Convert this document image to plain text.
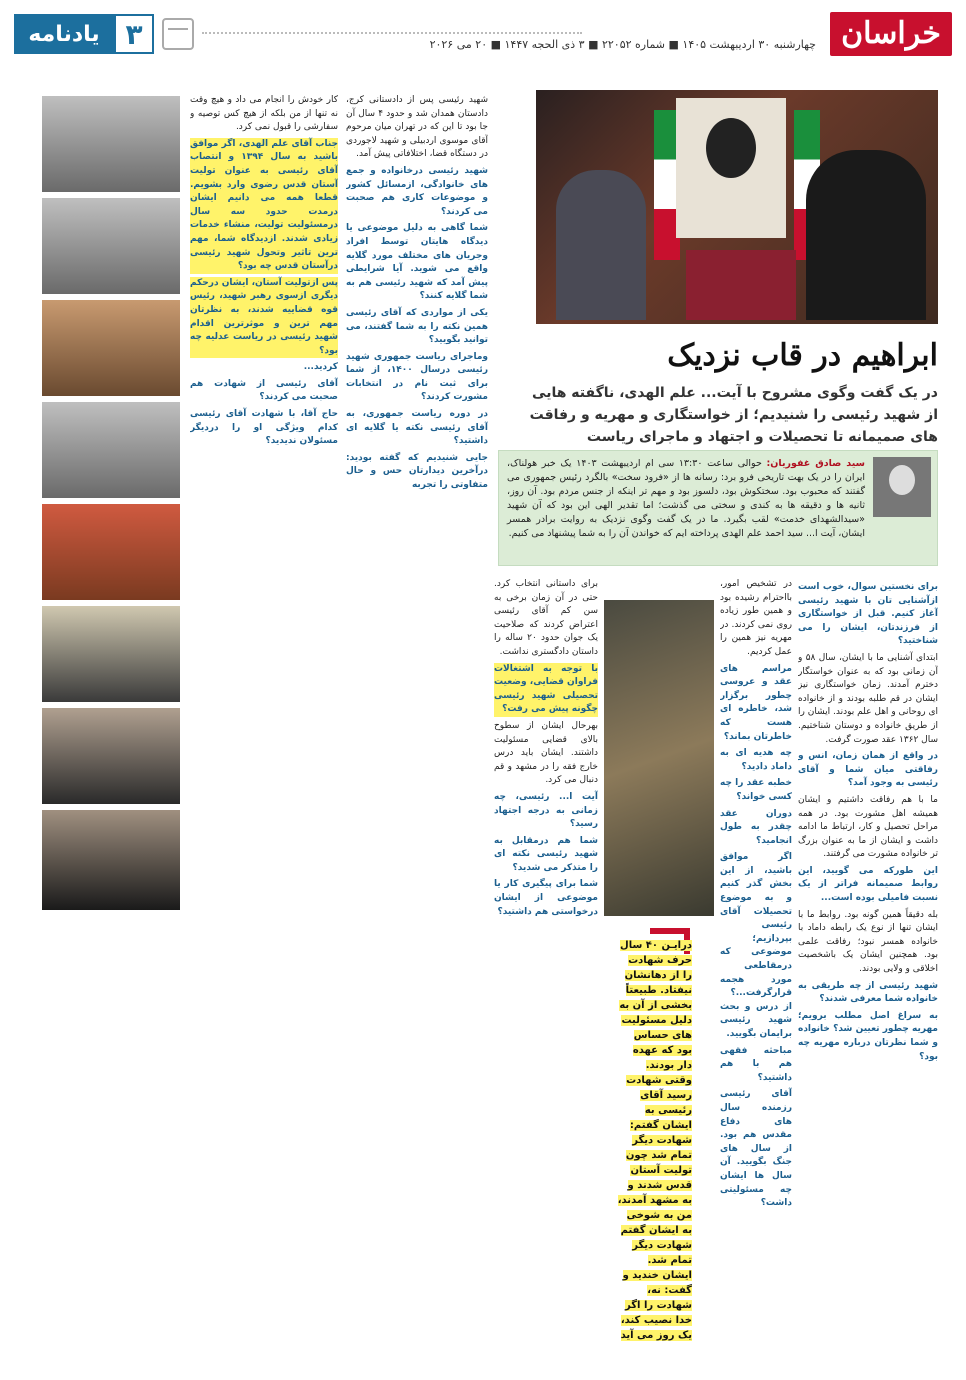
۳
یادنامه	چهارشنبه ۳۰ اردیبهشت ۱۴۰۵ ■ شماره ۲۲۰۵۲ ■ ۳ ذی الحجه ۱۴۴۷ ■ ۲۰ می ۲۰۲۶ خراسان
ابراهیم در قاب نزدیک
در یک گفت وگوی مشروح با آیت... علم الهدی، ناگفته هایی از شهید رئیسی را شنیدیم؛ از خواستگاری و مهریه و رفاقت های صمیمانه تا تحصیلات و اجتهاد و ماجرای ریاست
سید صادق غفوریان: حوالی ساعت ۱۳:۳۰ سی ام اردیبهشت ۱۴۰۳ یک خبر هولناک، ایران را در یک بهت تاریخی فرو برد: رسانه ها از «فرود سخت» بالگرد رئیس جمهوری می گفتند که محبوب بود. سختکوش بود، دلسوز بود و مهم تر اینکه از جنس مردم بود. آن روز، ثانیه ها و دقیقه ها به کندی و سختی می گذشت؛ اما تقدیر الهی این بود که آن شهید «سیدالشهدای خدمت» لقب بگیرد. ما در یک گفت وگوی نزدیک به روایت برادر همسر ایشان، آیت ا... سید احمد علم الهدی پرداخته ایم که خواندن آن را به شما پیشنهاد می کنیم.
برای نخستین سوال، خوب است ازآشنایی تان با شهید رئیسی آغاز کنیم. قبل از خواستگاری از فرزندتان، ایشان را می شناختید؟

ابتدای آشنایی ما با ایشان، سال ۵۸ و آن زمانی بود که به عنوان خواستگار دخترم آمدند. زمان خواستگاری نیز ایشان در قم طلبه بودند و از خانواده ای روحانی و اهل علم بودند. ایشان را از طریق خانواده و دوستان شناختیم. سال ۱۳۶۲ عقد صورت گرفت.

در واقع از همان زمان، انس و رفاقتی میان شما و آقای رئیسی به وجود آمد؟

ما با هم رفاقت داشتیم و ایشان همیشه اهل مشورت بود. در همه مراحل تحصیل و کار، ارتباط ما ادامه داشت و ایشان از ما به عنوان بزرگ تر خانواده مشورت می گرفتند.

این طورکه می گویید، این روابط صمیمانه فراتر از یک نسبت فامیلی بوده است...

بله دقیقاً همین گونه بود. روابط ما با ایشان تنها از نوع یک رابطه داماد با خانواده همسر نبود؛ رفاقت علمی بود. همچنین ایشان یک باشخصیت اخلاقی و ولایی بودند.

شهید رئیسی از چه طریقی به خانواده شما معرفی شدند؟
به سراغ اصل مطلب برویم؛ مهریه چطور تعیین شد؟ خانواده و شما نظرتان درباره مهریه چه بود؟

در تشخیص امور، بااحترام رشیده بود و همین طور زیاده روی نمی کردند. در مهریه نیز همین را عمل کردیم.

مراسم های عقد و عروسی چطور برگزار شد، خاطره ای هست که خاطرتان بماند؟
چه هدیه ای به داماد دادید؟
خطبه عقد را چه کسی خواند؟
دوران عقد چقدر به طول انجامید؟
اگر موافق باشید، از این بخش گذر کنیم و به موضوع تحصیلات آقای رئیسی بپردازیم؛ موضوعی که درمقاطعی مورد هجمه قرارگرفت...؟ از درس و بحث شهید رئیسی برایمان بگویید.
مباحثه فقهی هم با هم داشتید؟
آقای رئیسی رزمنده سال های دفاع مقدس هم بود. از سال های جنگ بگویید. آن سال ها ایشان چه مسئولیتی داشت؟
درایـن ۴۰ سال حرف شهادت را از دهانشان نیفتاد. طبیعتاً بخشی از آن به دلیل مسئولیت های حساس بود که عهده دار بودند. وقتی شهادت رسید آقای رئیسی به ایشان گفتم: شهادت دیگر تمام شد چون تولیت آستان قدس شدند و به مشهد آمدند، من به شوخی به ایشان گفتم شهادت دیگر تمام شد. ایشان خندید و گفت: نه، شهادت را اگر خدا نصیب کند، یک روز می آید

برای داستانی انتخاب کرد. حتی در آن زمان برخی به سن کم آقای رئیسی اعتراض کردند که صلاحیت یک جوان حدود ۲۰ ساله را داستان دادگستری نداشت.

با توجه به اشتغالات فراوان قضایی، وضعیت تحصیلی شهید رئیسی چگونه پیش می رفت؟

بهرحال ایشان از سطوح بالای قضایی مسئولیت داشتند. ایشان باید درس خارج فقه را در مشهد و قم دنبال می کرد.

آیت ا... رئیسی، چه زمانی به درجه اجتهاد رسید؟
شما هم درمقابل به شهید رئیسی نکته ای را متذکر می شدید؟
شما برای پیگیری کار یا موضوعی از ایشان درخواستی هم داشتید؟

شهید رئیسی پس از دادستانی کرج، دادستان همدان شد و حدود ۴ سال آن جا بود تا این که در تهران میان مرحوم آقای موسوی اردبیلی و شهید لاجوردی در دستگاه قضا، اختلافاتی پیش آمد.

شهید رئیسی درخانواده و جمع های خانوادگی، ازمسائل کشور و موضوعات کاری هم صحبت می کردند؟
شما گاهی به دلیل موضوعی یا دیدگاه هایتان توسط افراد وجریان های مختلف مورد گلایه واقع می شوید. آیا شرایطی پیش آمد که شهید رئیسی هم به شما گلایه کنند؟
یکی از مواردی که آقای رئیسی همین نکته را به شما گفتند، می توانید بگویید؟
وماجرای ریاست جمهوری شهید رئیسی درسال ۱۴۰۰، از شما برای ثبت نام در انتخابات مشورت کردند؟
در دوره ریاست جمهوری، به آقای رئیسی نکته یا گلایه ای داشتید؟
جایی شنیدیم که گفته بودید: درآخرین دیدارتان حس و حال متفاوتی را تجربه

کار خودش را انجام می داد و هیچ وقت نه تنها از من بلکه از هیچ کس توصیه و سفارشی را قبول نمی کرد.

جناب آقای علم الهدی، اگر موافق باشید به سال ۱۳۹۴ و انتصاب آقای رئیسی به عنوان تولیت آستان قدس رضوی وارد بشویم. قطعا همه می دانیم ایشان درمدت حدود سه سال درمسئولیت تولیت، منشاء خدمات زیادی شدند. ازدیدگاه شما، مهم ترین تاثیر وتحول شهید رئیسی درآستان قدس چه بود؟
پس ازتولیت آستان، ایشان درحکم دیگری ازسوی رهبر شهید، رئیس قوه قضاییه شدند، به نظرتان مهم ترین و موثرترین اقدام شهید رئیسی در ریاست عدلیه چه بود؟
کردید...
آقای رئیسی از شهادت هم صحبت می کردند؟
حاج آقا، با شهادت آقای رئیسی کدام ویژگی او را دردیگر مسئولان ندیدید؟
